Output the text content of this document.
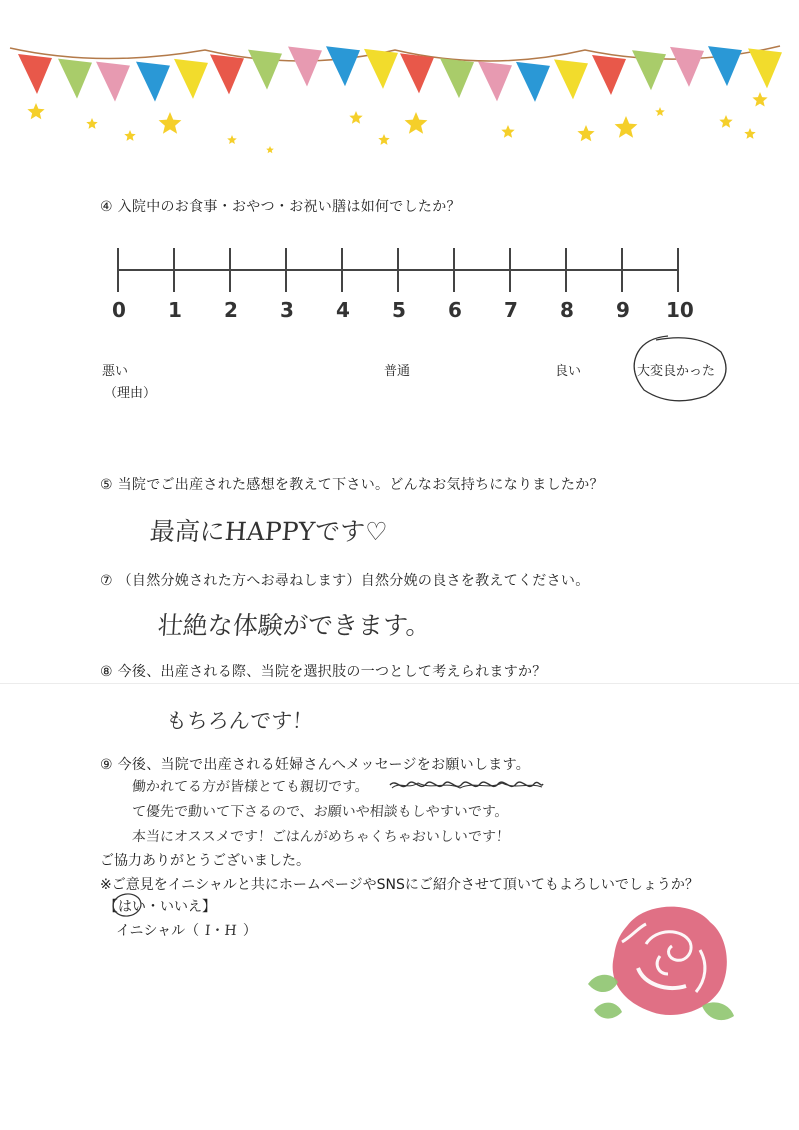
④ 入院中のお食事・おやつ・お祝い膳は如何でしたか？
0 1 2 3 4 5 6 7 8 9 10
悪い	普通	良い	大変良かった
（理由）
⑤ 当院でご出産された感想を教えて下さい。どんなお気持ちになりましたか？
最高にHAPPYです♡
⑦ （自然分娩された方へお尋ねします）自然分娩の良さを教えてください。
壮絶な体験ができます。
⑧ 今後、出産される際、当院を選択肢の一つとして考えられますか？
もちろんです！
⑨ 今後、当院で出産される妊婦さんへメッセージをお願いします。
働かれてる方が皆様とても親切です。
て優先で動いて下さるので、お願いや相談もしやすいです。
本当にオススメです！ごはんがめちゃくちゃおいしいです！
ご協力ありがとうございました。
※ご意見をイニシャルと共にホームページやSNSにご紹介させて頂いてもよろしいでしょうか？
【はい・いいえ】
イニシャル（ I・H ）
